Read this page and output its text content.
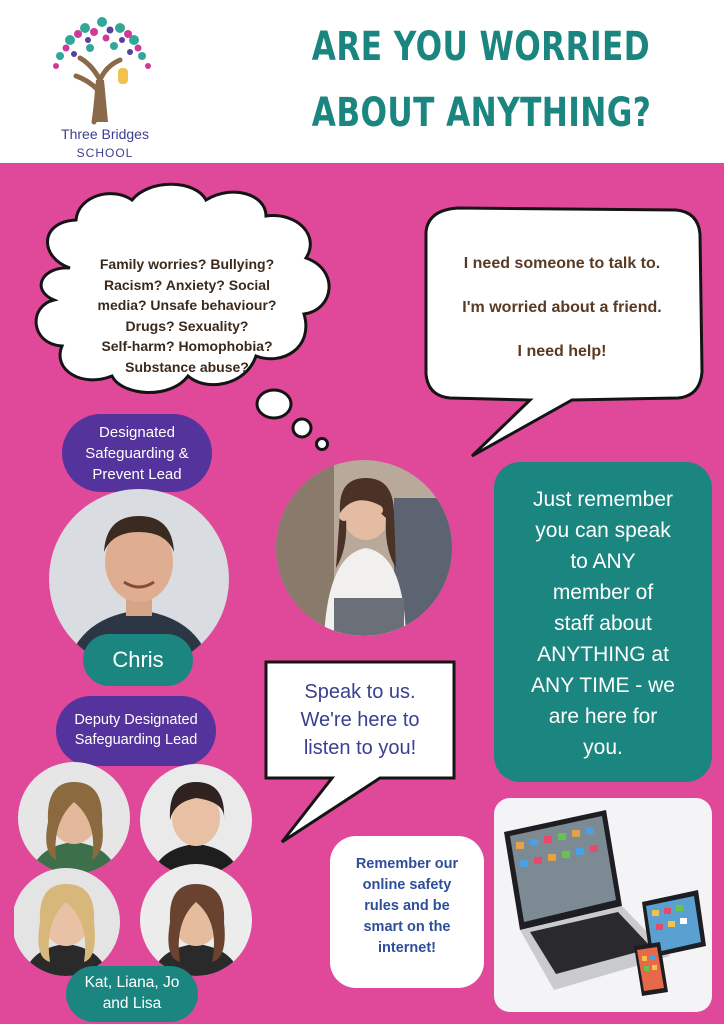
Three Bridges
SCHOOL
ARE YOU WORRIED
ABOUT ANYTHING?
Family worries? Bullying?
Racism? Anxiety? Social
media? Unsafe behaviour?
Drugs? Sexuality?
Self-harm? Homophobia?
Substance abuse?
I need someone to talk to.
I'm worried about a friend.
I need help!
Designated
Safeguarding &
Prevent Lead
Chris
Just remember
you can speak
to ANY
member of
staff about
ANYTHING at
ANY TIME - we
are here for
you.
Speak to us.
We're here to
listen to you!
Deputy Designated
Safeguarding Lead
Kat, Liana, Jo
and Lisa
Remember our
online safety
rules and be
smart on the
internet!
